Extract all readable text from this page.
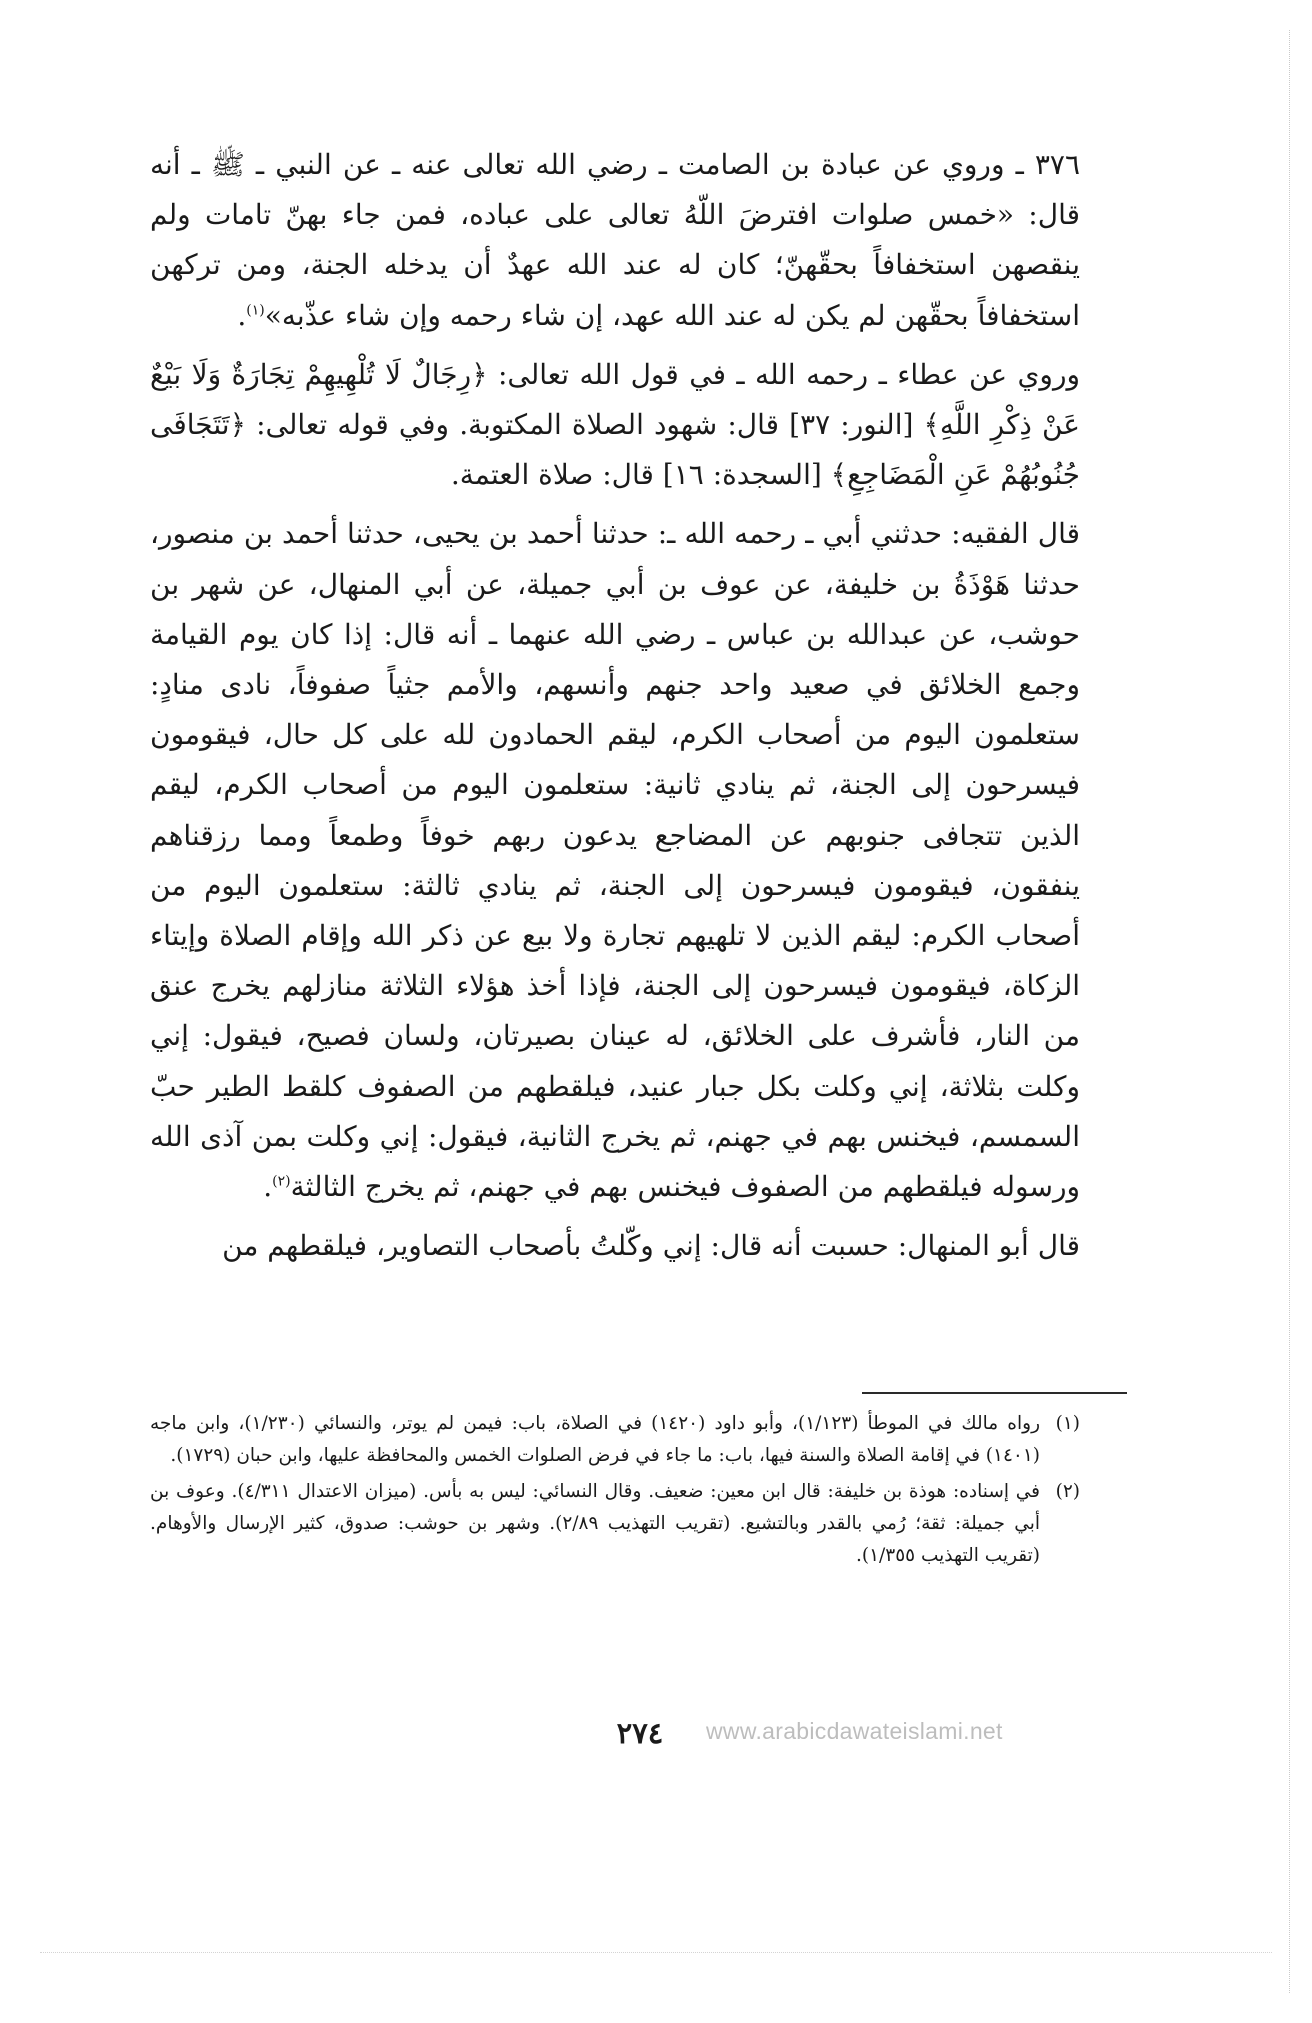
٣٧٦ ـ وروي عن عبادة بن الصامت ـ رضي الله تعالى عنه ـ عن النبي ـ ﷺ ـ أنه قال: «خمس صلوات افترضَ اللّهُ تعالى على عباده، فمن جاء بهنّ تامات ولم ينقصهن استخفافاً بحقّهنّ؛ كان له عند الله عهدٌ أن يدخله الجنة، ومن تركهن استخفافاً بحقّهن لم يكن له عند الله عهد، إن شاء رحمه وإن شاء عذّبه»$^{(١)}$.

وروي عن عطاء ـ رحمه الله ـ في قول الله تعالى: ﴿رِجَالٌ لَا تُلْهِيهِمْ تِجَارَةٌ وَلَا بَيْعٌ عَنْ ذِكْرِ اللَّهِ﴾ [النور: ٣٧] قال: شهود الصلاة المكتوبة. وفي قوله تعالى: ﴿تَتَجَافَى جُنُوبُهُمْ عَنِ الْمَضَاجِعِ﴾ [السجدة: ١٦] قال: صلاة العتمة.

قال الفقيه: حدثني أبي ـ رحمه الله ـ: حدثنا أحمد بن يحيى، حدثنا أحمد بن منصور، حدثنا هَوْذَةُ بن خليفة، عن عوف بن أبي جميلة، عن أبي المنهال، عن شهر بن حوشب، عن عبدالله بن عباس ـ رضي الله عنهما ـ أنه قال: إذا كان يوم القيامة وجمع الخلائق في صعيد واحد جنهم وأنسهم، والأمم جثياً صفوفاً، نادى منادٍ: ستعلمون اليوم من أصحاب الكرم، ليقم الحمادون لله على كل حال، فيقومون فيسرحون إلى الجنة، ثم ينادي ثانية: ستعلمون اليوم من أصحاب الكرم، ليقم الذين تتجافى جنوبهم عن المضاجع يدعون ربهم خوفاً وطمعاً ومما رزقناهم ينفقون، فيقومون فيسرحون إلى الجنة، ثم ينادي ثالثة: ستعلمون اليوم من أصحاب الكرم: ليقم الذين لا تلهيهم تجارة ولا بيع عن ذكر الله وإقام الصلاة وإيتاء الزكاة، فيقومون فيسرحون إلى الجنة، فإذا أخذ هؤلاء الثلاثة منازلهم يخرج عنق من النار، فأشرف على الخلائق، له عينان بصيرتان، ولسان فصيح، فيقول: إني وكلت بثلاثة، إني وكلت بكل جبار عنيد، فيلقطهم من الصفوف كلقط الطير حبّ السمسم، فيخنس بهم في جهنم، ثم يخرج الثانية، فيقول: إني وكلت بمن آذى الله ورسوله فيلقطهم من الصفوف فيخنس بهم في جهنم، ثم يخرج الثالثة$^{(٢)}$.

قال أبو المنهال: حسبت أنه قال: إني وكّلتُ بأصحاب التصاوير، فيلقطهم من

(١)
رواه مالك في الموطأ (١/١٢٣)، وأبو داود (١٤٢٠) في الصلاة، باب: فيمن لم يوتر، والنسائي (١/٢٣٠)، وابن ماجه (١٤٠١) في إقامة الصلاة والسنة فيها، باب: ما جاء في فرض الصلوات الخمس والمحافظة عليها، وابن حبان (١٧٢٩).
(٢)
في إسناده: هوذة بن خليفة: قال ابن معين: ضعيف. وقال النسائي: ليس به بأس. (ميزان الاعتدال ٤/٣١١). وعوف بن أبي جميلة: ثقة؛ رُمي بالقدر وبالتشيع. (تقريب التهذيب ٢/٨٩). وشهر بن حوشب: صدوق، كثير الإرسال والأوهام. (تقريب التهذيب ١/٣٥٥).
٢٧٤	www.arabicdawateislami.net
